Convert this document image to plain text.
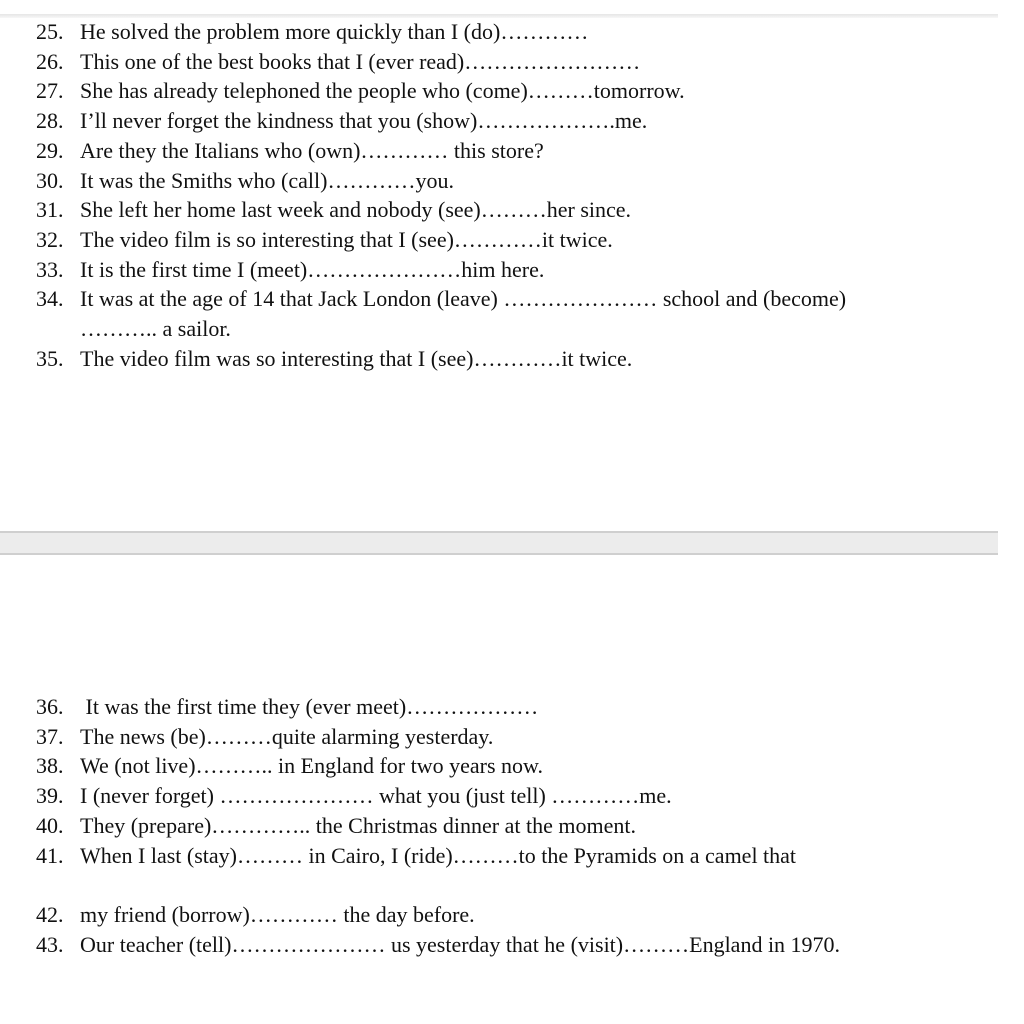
25. He solved the problem more quickly than I (do)…………
26. This one of the best books that I (ever read)……………………
27. She has already telephoned the people who (come)………tomorrow.
28. I’ll never forget the kindness that you (show)……………….me.
29. Are they the Italians who (own)………… this store?
30. It was the Smiths who (call)…………you.
31. She left her home last week and nobody (see)………her since.
32. The video film is so interesting that I (see)…………it twice.
33. It is the first time I (meet)…………………him here.
34. It was at the age of 14 that Jack London (leave) ………………… school and (become) ……….. a sailor.
35. The video film was so interesting that I (see)…………it twice.
36. It was the first time they (ever meet)………………
37. The news (be)………quite alarming yesterday.
38. We (not live)……….. in England for two years now.
39. I (never forget) ………………… what you (just tell) …………me.
40. They (prepare)………….. the Christmas dinner at the moment.
41. When I last (stay)……… in Cairo, I (ride)………to the Pyramids on a camel that
42. my friend (borrow)………… the day before.
43. Our teacher (tell)………………… us yesterday that he (visit)………England in 1970.
